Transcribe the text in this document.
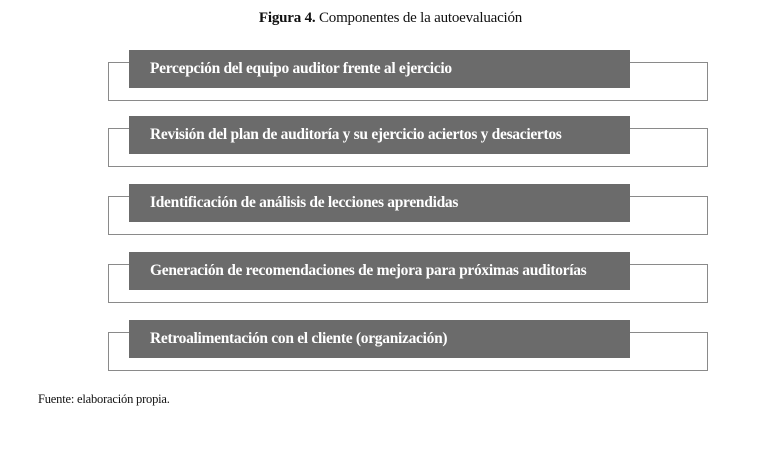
Figura 4. Componentes de la autoevaluación
Percepción del equipo auditor frente al ejercicio
Revisión del plan de auditoría y su ejercicio aciertos y desaciertos
Identificación de análisis de lecciones aprendidas
Generación de recomendaciones de mejora para próximas auditorías
Retroalimentación con el cliente (organización)
Fuente: elaboración propia.
